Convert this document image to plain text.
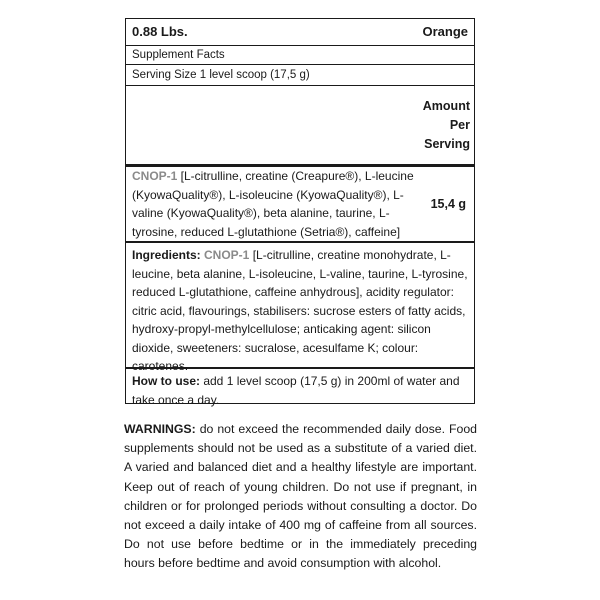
0.88 Lbs.	Orange
Supplement Facts
Serving Size 1 level scoop (17,5 g)
Amount
Per
Serving
CNOP-1 [L-citrulline, creatine (Creapure®), L-leucine (KyowaQuality®), L-isoleucine (KyowaQuality®), L-valine (KyowaQuality®), beta alanine, taurine, L-tyrosine, reduced L-glutathione (Setria®), caffeine]
15,4 g
Ingredients: CNOP-1 [L-citrulline, creatine monohydrate, L-leucine, beta alanine, L-isoleucine, L-valine, taurine, L-tyrosine, reduced L-glutathione, caffeine anhydrous], acidity regulator: citric acid, flavourings, stabilisers: sucrose esters of fatty acids, hydroxy-propyl-methylcellulose; anticaking agent: silicon dioxide, sweeteners: sucralose, acesulfame K; colour: carotenes.
How to use: add 1 level scoop (17,5 g) in 200ml of water and take once a day.
WARNINGS: do not exceed the recommended daily dose. Food supplements should not be used as a substitute of a varied diet. A varied and balanced diet and a healthy lifestyle are important. Keep out of reach of young children. Do not use if pregnant, in children or for prolonged periods without consulting a doctor. Do not exceed a daily intake of 400 mg of caffeine from all sources. Do not use before bedtime or in the immediately preceding hours before bedtime and avoid consumption with alcohol.
